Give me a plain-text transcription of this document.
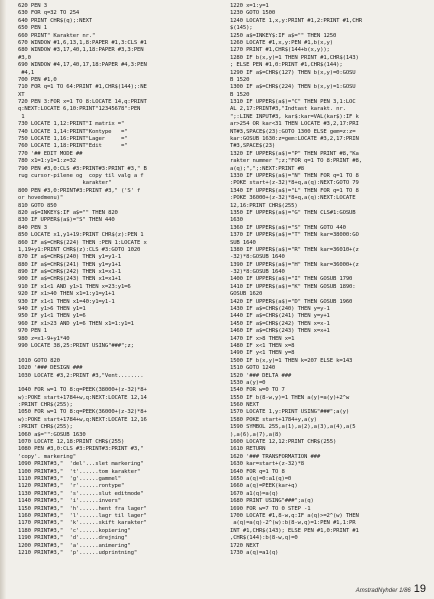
620 PEN 3
630 FOR q=32 TO 254
640 PRINT CHR$(q);:NEXT
650 PEN 1
660 PRINT" Karakter nr."
670 WINDOW #1,6,13,1,8:PAPER #1,3:CLS #1
680 WINDOW #3,17,40,1,18:PAPER #3,3:PEN
#3,0
690 WINDOW #4,17,40,17,18:PAPER #4,3:PEN
#4,1
700 PEN #1,0
710 FOR q=1 TO 64:PRINT #1,CHR$(144);:NE
XT
720 PEN 3:FOR x=1 TO 8:LOCATE 14,q:PRINT
q:NEXT:LOCATE 6,10:PRINT"12345678":PEN
1
730 LOCATE 1,12:PRINT"I matrix ="
740 LOCATE 1,14:PRINT"Kontype   ="
750 LOCATE 1,16:PRINT"Lager     ="
760 LOCATE 1,18:PRINT"Edit      ="
770 '## EDIT MODE ##
780 x1=1:y1=1:z=32
790 PEN #3,0:CLS #3:PRINT#3:PRINT #3," B
rug cursor-pilene og  copy til valg a f
karakter"
800 PEN #3,0:PRINT#3:PRINT #3," ('S' f
or hovedmenu)"
810 GOTO 850
820 a$=INKEY$:IF a$="" THEN 820
830 IF UPPER$(a$)="S" THEN 440
840 PEN 3
850 LOCATE x1,y1+19:PRINT CHR$(z):PEN 1
860 IF a$=CHR$(224) THEN :PEN 1:LOCATE x
1,19+y1:PRINT CHR$(z):CLS #3:GOTO 1020
870 IF a$=CHR$(240) THEN y1=y1-1
880 IF a$=CHR$(241) THEN y1=y1+1
890 IF a$=CHR$(242) THEN x1=x1-1
900 IF a$=CHR$(243) THEN x1=x1+1
910 IF x1<1 AND y1>1 THEN x=23:y1=6
920 IF x1>40 THEN x1=1:y1=y1+1
930 IF x1<1 THEN x1=40:y1=y1-1
940 IF y1>6 THEN y1=1
950 IF y1<1 THEN y1=6
960 IF x1>23 AND y1=6 THEN x1=1:y1=1
970 PEN 1
980 z=x1-9+y1*40
990 LOCATE 38,25:PRINT USING"###";z;
1010 GOTO 820
1020 '### DESIGN ###
1030 LOCATE #3,2:PRINT #3,"Vent........
1040 FOR w=1 TO 8:q=PEEK(38000+(z-32)*8+
w):POKE start+1784+w,q:NEXT:LOCATE 12,14
:PRINT CHR$(255);
1050 FOR w=1 TO 8:q=PEEK(36000+(z-32)*8+
w):POKE start+1784+w,q:NEXT:LOCATE 12,16
:PRINT CHR$(255);
1060 a$="":GOSUB 1630
1070 LOCATE 12,18:PRINT CHR$(255)
1080 PEN #3,0:CLS #3:PRINT#3:PRINT #3,"
'copy'. markering"
1090 PRINT#3,"  'del'...slet markering"
1100 PRINT#3,"  't'......tom karakter"
1110 PRINT#3,"  'g'......gammel"
1120 PRINT#3,"  'r'......rontype"
1130 PRINT#3,"  's'......slut editmode"
1140 PRINT#3,"  'i'......invers"
1150 PRINT#3,"  'h'......hent fra lager"
1160 PRINT#3,"  'l'......lagr til lager"
1170 PRINT#3,"  'k'......skift karakter"
1180 PRINT#3,"  'c'......kopiering"
1190 PRINT#3,"  'd'......drejning"
1200 PRINT#3,"  'a'......animering"
1210 PRINT#3,"  'p'......udprintning"
1220 x=1:y=1
1230 GOTO 1500
1240 LOCATE 1,x,y:PRINT #1,2:PRINT #1,CHR
$(145);
1250 a$=INKEY$:IF a$="" THEN 1250
1260 LOCATE #1,x,y:PEN #1,b(x,y)
1270 PRINT #1,CHR$(144+b(x,y));
1280 IF b(x,y)=1 THEN PRINT #1,CHR$(143)
; ELSE PEN #1,0:PRINT #1,CHR$(144);
1290 IF a$=CHR$(127) THEN b(x,y)=0:GOSU
B 1520
1300 IF a$=CHR$(224) THEN b(x,y)=1:GOSU
B 1520
1310 IF UPPER$(a$)="C" THEN PEN 3,1:LOC
AL 2,17:PRINT#3,"Indtast karakt. nr.
";:LINE INPUT#3, kar$:kar=VAL(kar$):IF k
ar>254 OR kar<31 THEN LOCATE #3,2,17:PRI
NT#3,SPACE$(23):GOTO 1300 ELSE gem=z:z=
kar:GOSUB 1630:z=gem:LOCATE #3,2,17:PRIN
T#3,SPACE$(23)
1320 IF UPPER$(a$)="P" THEN PRINT #8,"Ka
rakter nummer ";z;"FOR q=1 TO 8:PRINT #8,
a(q);",";:NEXT:PRINT #8
1330 IF UPPER$(a$)="N" THEN FOR q=1 TO 8
:POKE start+(z-32)*8+q,a(q):NEXT:GOTO 79
1340 IF UPPER$(a$)="L" THEN FOR q=1 TO 8
:POKE 36000+(z-32)*8+q,a(q):NEXT:LOCATE
12,16:PRINT CHR$(255)
1350 IF UPPER$(a$)="G" THEN CLS#1:GOSUB
1630
1360 IF UPPER$(a$)="S" THEN GOTO 440
1370 IF UPPER$(a$)="T" THEN kar=38000:GO
SUB 1640
1380 IF UPPER$(a$)="R" THEN kar=36010+(z
-32)*8:GOSUB 1640
1390 IF UPPER$(a$)="H" THEN kar=36000+(z
-32)*8:GOSUB 1640
1400 IF UPPER$(a$)="I" THEN GOSUB 1790
1410 IF UPPER$(a$)="K" THEN GOSUB 1890:
GOSUB 1620
1420 IF UPPER$(a$)="D" THEN GOSUB 1960
1430 IF a$=CHR$(240) THEN y=y-1
1440 IF a$=CHR$(241) THEN y=y+1
1450 IF a$=CHR$(242) THEN x=x-1
1460 IF a$=CHR$(243) THEN x=x+1
1470 IF x>8 THEN x=1
1480 IF x<1 THEN x=8
1490 IF y<1 THEN y=8
1500 IF b(x,y)=1 THEN k=207 ELSE k=143
1510 GOTO 1240
1520 '### DELTA ###
1530 a(y)=0
1540 FOR w=0 TO 7
1550 IF b(8-w,y)=1 THEN a(y)=a(y)+2^w
1560 NEXT
1570 LOCATE 1,y:PRINT USING"###";a(y)
1580 POKE start+1784+y,a(y)
1590 SYMBOL 255,a(1),a(2),a(3),a(4),a(5
),a(6),a(7),a(8)
1600 LOCATE 12,12:PRINT CHR$(255)
1610 RETURN
1620 '### TRANSFORMATION ###
1630 kar=start+(z-32)*8
1640 FOR q=1 TO 8
1650 a(q)=0:a1(q)=0
1660 a(q)=PEEK(kar+q)
1670 a1(q)=a(q)
1680 PRINT USING"###";a(q)
1690 FOR w=7 TO 0 STEP -1
1700 LOCATE #1,8-w,q:IF a(q)>=2^(w) THEN
a(q)=a(q)-2^(w):b(8-w,q)=1:PEN #1,1:PR
INT #1,CHR$(143); ELSE PEN #1,0:PRINT #1
,CHR$(144):b(8-w,q)=0
1720 NEXT
1730 a(q)=a1(q)
AmstradNyhder 1/86 19
